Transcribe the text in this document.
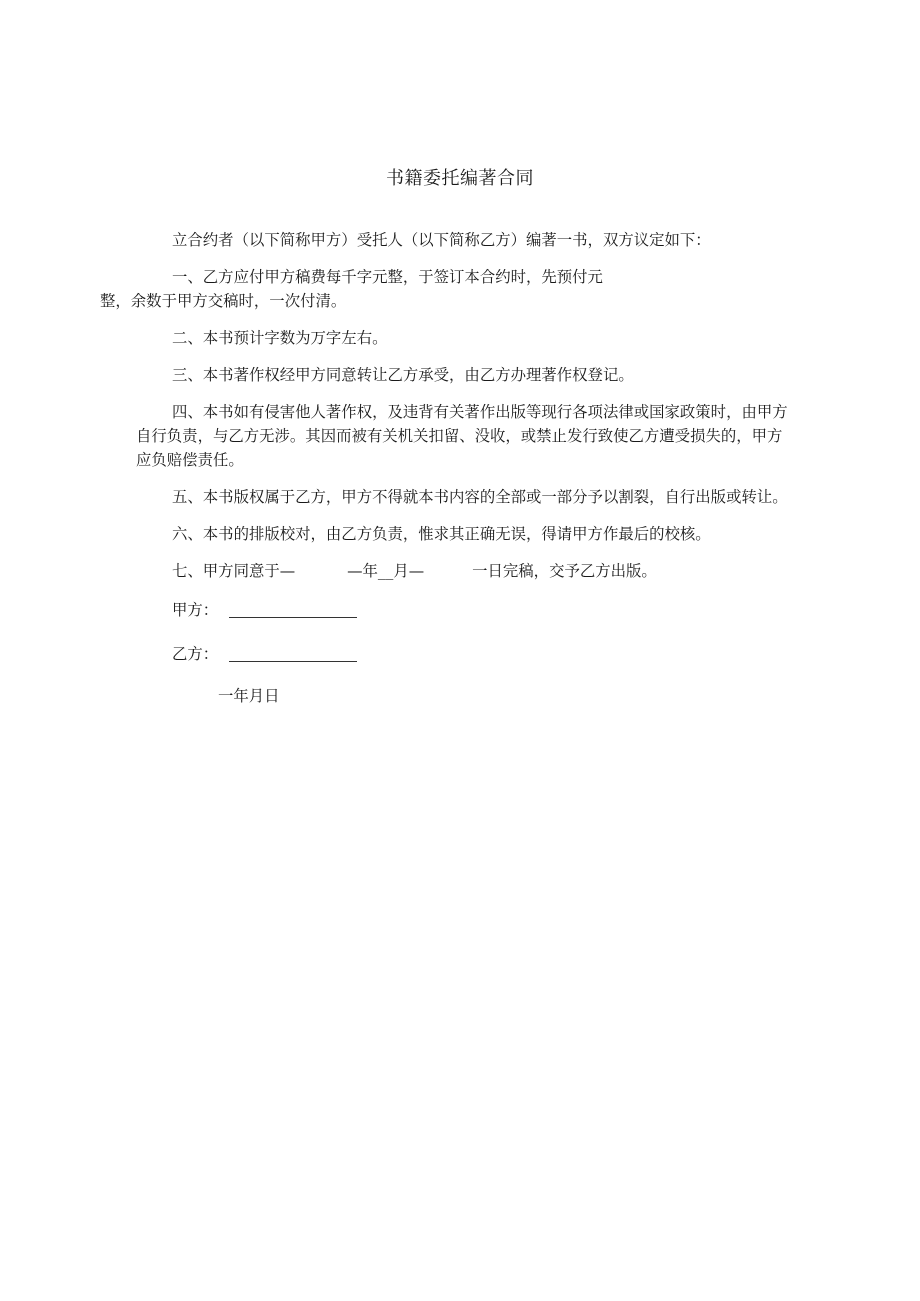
书籍委托编著合同

立合约者（以下简称甲方）受托人（以下简称乙方）编著一书，双方议定如下：

一、乙方应付甲方稿费每千字元整，于签订本合约时，先预付元
整，余数于甲方交稿时，一次付清。

二、本书预计字数为万字左右。

三、本书著作权经甲方同意转让乙方承受，由乙方办理著作权登记。

四、本书如有侵害他人著作权，及违背有关著作出版等现行各项法律或国家政策时，由甲方自行负责，与乙方无涉。其因而被有关机关扣留、没收，或禁止发行致使乙方遭受损失的，甲方应负赔偿责任。

五、本书版权属于乙方，甲方不得就本书内容的全部或一部分予以割裂，自行出版或转让。

六、本书的排版校对，由乙方负责，惟求其正确无误，得请甲方作最后的校核。

七、甲方同意于—	—年__月—	一日完稿，交予乙方出版。

甲方：
乙方：
一年月日
